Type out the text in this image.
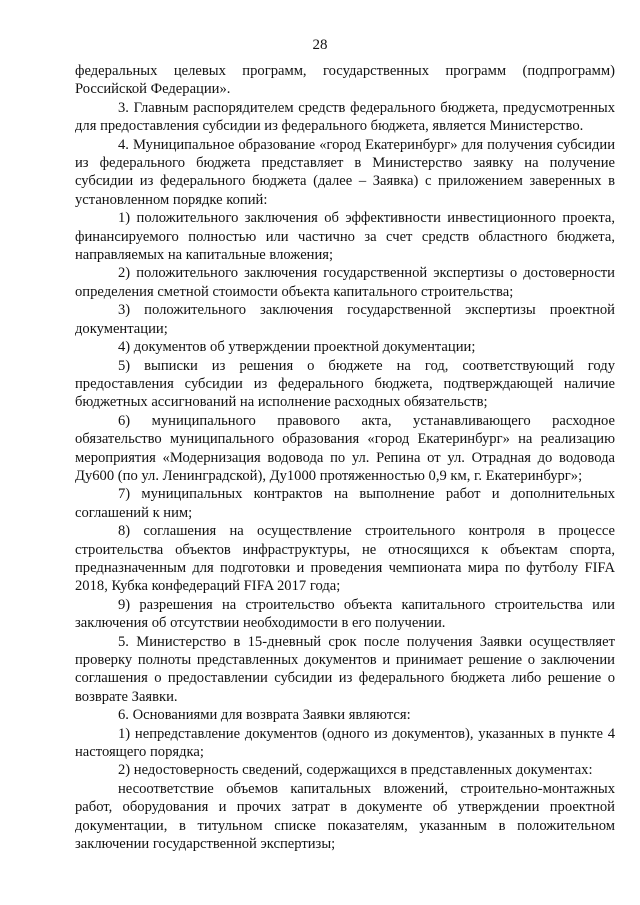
28

федеральных целевых программ, государственных программ (подпрограмм) Российской Федерации».

3. Главным распорядителем средств федерального бюджета, предусмотренных для предоставления субсидии из федерального бюджета, является Министерство.

4. Муниципальное образование «город Екатеринбург» для получения субсидии из федерального бюджета представляет в Министерство заявку на получение субсидии из федерального бюджета (далее – Заявка) с приложением заверенных в установленном порядке копий:

1) положительного заключения об эффективности инвестиционного проекта, финансируемого полностью или частично за счет средств областного бюджета, направляемых на капитальные вложения;

2) положительного заключения государственной экспертизы о достоверности определения сметной стоимости объекта капитального строительства;

3) положительного заключения государственной экспертизы проектной документации;

4) документов об утверждении проектной документации;

5) выписки из решения о бюджете на год, соответствующий году предоставления субсидии из федерального бюджета, подтверждающей наличие бюджетных ассигнований на исполнение расходных обязательств;

6) муниципального правового акта, устанавливающего расходное обязательство муниципального образования «город Екатеринбург» на реализацию мероприятия «Модернизация водовода по ул. Репина от ул. Отрадная до водовода Ду600 (по ул. Ленинградской), Ду1000 протяженностью 0,9 км, г. Екатеринбург»;

7) муниципальных контрактов на выполнение работ и дополнительных соглашений к ним;

8) соглашения на осуществление строительного контроля в процессе строительства объектов инфраструктуры, не относящихся к объектам спорта, предназначенным для подготовки и проведения чемпионата мира по футболу FIFA 2018, Кубка конфедераций FIFA 2017 года;

9) разрешения на строительство объекта капитального строительства или заключения об отсутствии необходимости в его получении.

5. Министерство в 15-дневный срок после получения Заявки осуществляет проверку полноты представленных документов и принимает решение о заключении соглашения о предоставлении субсидии из федерального бюджета либо решение о возврате Заявки.

6. Основаниями для возврата Заявки являются:

1) непредставление документов (одного из документов), указанных в пункте 4 настоящего порядка;

2) недостоверность сведений, содержащихся в представленных документах:

несоответствие объемов капитальных вложений, строительно-монтажных работ, оборудования и прочих затрат в документе об утверждении проектной документации, в титульном списке показателям, указанным в положительном заключении государственной экспертизы;
